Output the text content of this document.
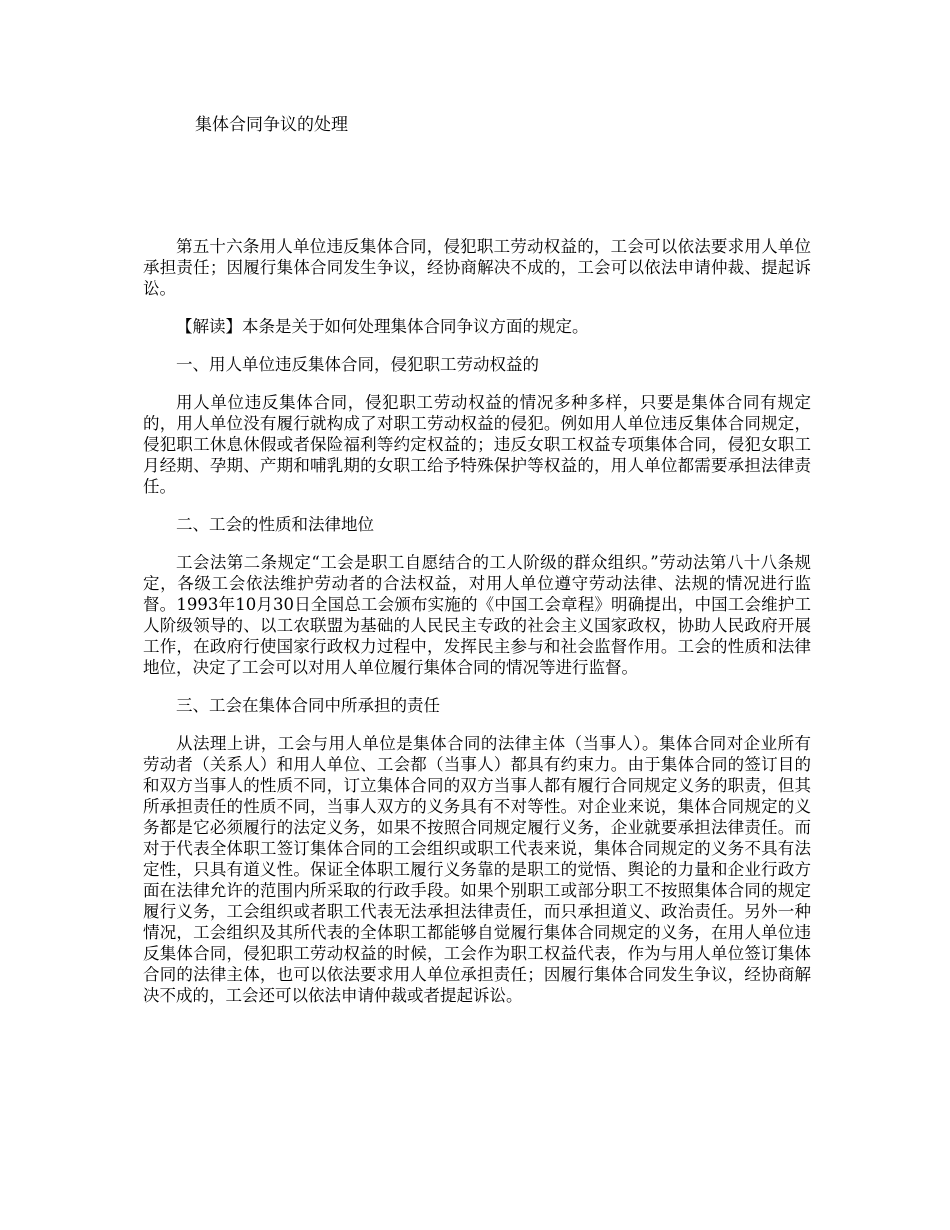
集体合同争议的处理

第五十六条用人单位违反集体合同，侵犯职工劳动权益的，工会可以依法要求用人单位承担责任；因履行集体合同发生争议，经协商解决不成的，工会可以依法申请仲裁、提起诉讼。

【解读】本条是关于如何处理集体合同争议方面的规定。

一、用人单位违反集体合同，侵犯职工劳动权益的

用人单位违反集体合同，侵犯职工劳动权益的情况多种多样，只要是集体合同有规定的，用人单位没有履行就构成了对职工劳动权益的侵犯。例如用人单位违反集体合同规定，侵犯职工休息休假或者保险福利等约定权益的；违反女职工权益专项集体合同，侵犯女职工月经期、孕期、产期和哺乳期的女职工给予特殊保护等权益的，用人单位都需要承担法律责任。

二、工会的性质和法律地位

工会法第二条规定“工会是职工自愿结合的工人阶级的群众组织。”劳动法第八十八条规定，各级工会依法维护劳动者的合法权益，对用人单位遵守劳动法律、法规的情况进行监督。1993年10月30日全国总工会颁布实施的《中国工会章程》明确提出，中国工会维护工人阶级领导的、以工农联盟为基础的人民民主专政的社会主义国家政权，协助人民政府开展工作，在政府行使国家行政权力过程中，发挥民主参与和社会监督作用。工会的性质和法律地位，决定了工会可以对用人单位履行集体合同的情况等进行监督。

三、工会在集体合同中所承担的责任

从法理上讲，工会与用人单位是集体合同的法律主体（当事人）。集体合同对企业所有劳动者（关系人）和用人单位、工会都（当事人）都具有约束力。由于集体合同的签订目的和双方当事人的性质不同，订立集体合同的双方当事人都有履行合同规定义务的职责，但其所承担责任的性质不同，当事人双方的义务具有不对等性。对企业来说，集体合同规定的义务都是它必须履行的法定义务，如果不按照合同规定履行义务，企业就要承担法律责任。而对于代表全体职工签订集体合同的工会组织或职工代表来说，集体合同规定的义务不具有法定性，只具有道义性。保证全体职工履行义务靠的是职工的觉悟、舆论的力量和企业行政方面在法律允许的范围内所采取的行政手段。如果个别职工或部分职工不按照集体合同的规定履行义务，工会组织或者职工代表无法承担法律责任，而只承担道义、政治责任。另外一种情况，工会组织及其所代表的全体职工都能够自觉履行集体合同规定的义务，在用人单位违反集体合同，侵犯职工劳动权益的时候，工会作为职工权益代表，作为与用人单位签订集体合同的法律主体，也可以依法要求用人单位承担责任；因履行集体合同发生争议，经协商解决不成的，工会还可以依法申请仲裁或者提起诉讼。
